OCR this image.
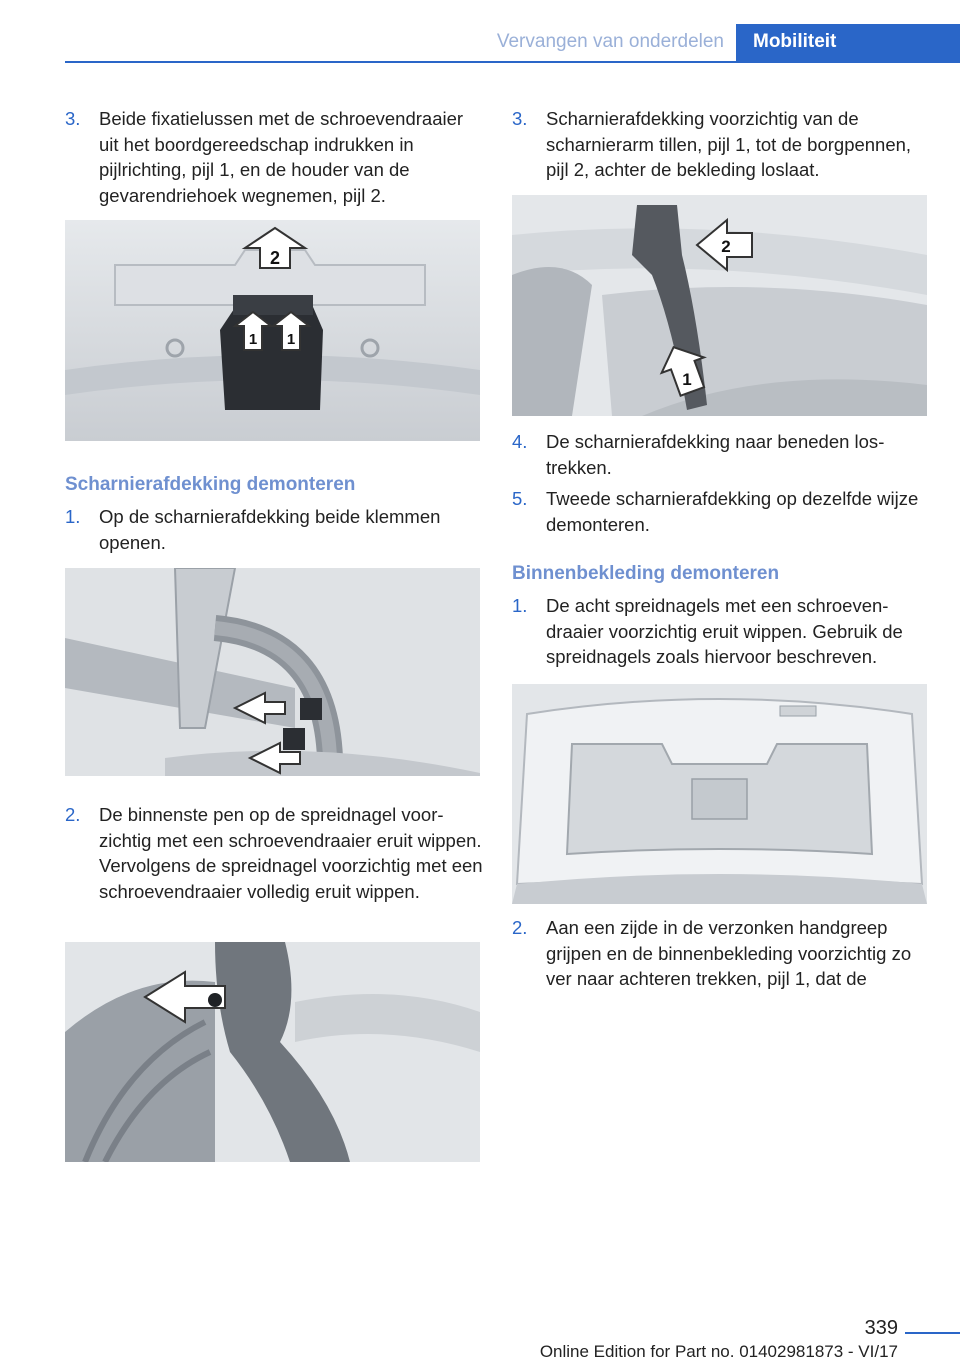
Vervangen van onderdelen	Mobiliteit
3. Beide fixatielussen met de schroevendraaier uit het boordgereedschap indrukken in pijlrichting, pijl 1, en de houder van de gevarendriehoek wegnemen, pijl 2.
2
1 1
Scharnierafdekking demonteren
1. Op de scharnierafdekking beide klemmen openen.
2. De binnenste pen op de spreidnagel voorzichtig met een schroevendraaier eruit wippen. Vervolgens de spreidnagel voorzichtig met een schroevendraaier volledig eruit wippen.
3. Scharnierafdekking voorzichtig van de scharnierarm tillen, pijl 1, tot de borgpennen, pijl 2, achter de bekleding loslaat.
2
1
4. De scharnierafdekking naar beneden lostrekken.
5. Tweede scharnierafdekking op dezelfde wijze demonteren.
Binnenbekleding demonteren
1. De acht spreidnagels met een schroevendraaier voorzichtig eruit wippen. Gebruik de spreidnagels zoals hiervoor beschreven.
2. Aan een zijde in de verzonken handgreep grijpen en de binnenbekleding voorzichtig zo ver naar achteren trekken, pijl 1, dat de
339
Online Edition for Part no. 01402981873 - VI/17
